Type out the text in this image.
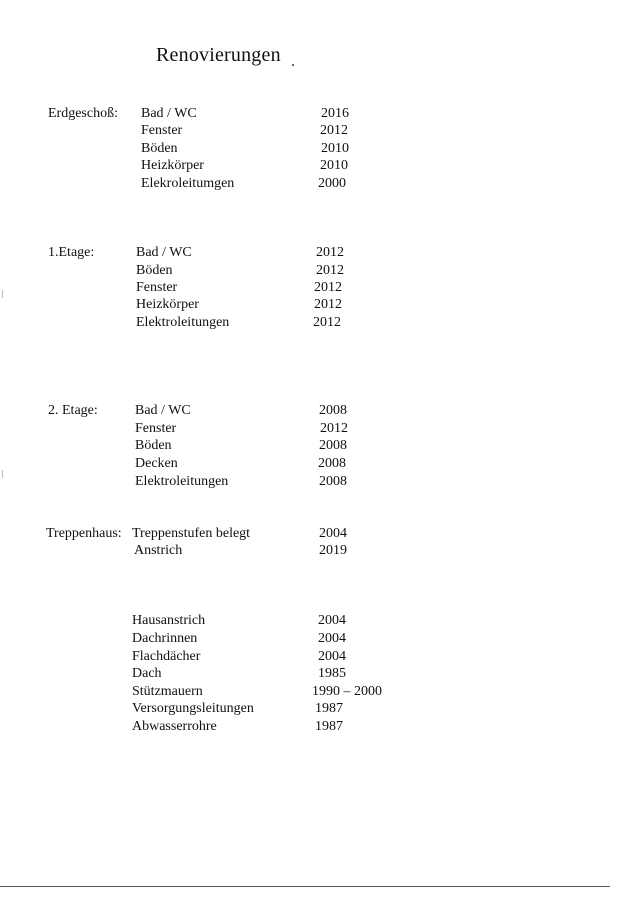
Renovierungen
Erdgeschoß: Bad / WC	2016
Fenster	2012
Böden	2010
Heizkörper	2010
Elekroleitumgen	2000
1.Etage:	Bad / WC	2012
Böden	2012
Fenster	2012
Heizkörper	2012
Elektroleitungen	2012
2. Etage:	Bad / WC	2008
Fenster	2012
Böden	2008
Decken	2008
Elektroleitungen	2008
Treppenhaus: Treppenstufen belegt	2004
Anstrich	2019
Hausanstrich	2004
Dachrinnen	2004
Flachdächer	2004
Dach	1985
Stützmauern	1990 – 2000
Versorgungsleitungen	1987
Abwasserrohre	1987
